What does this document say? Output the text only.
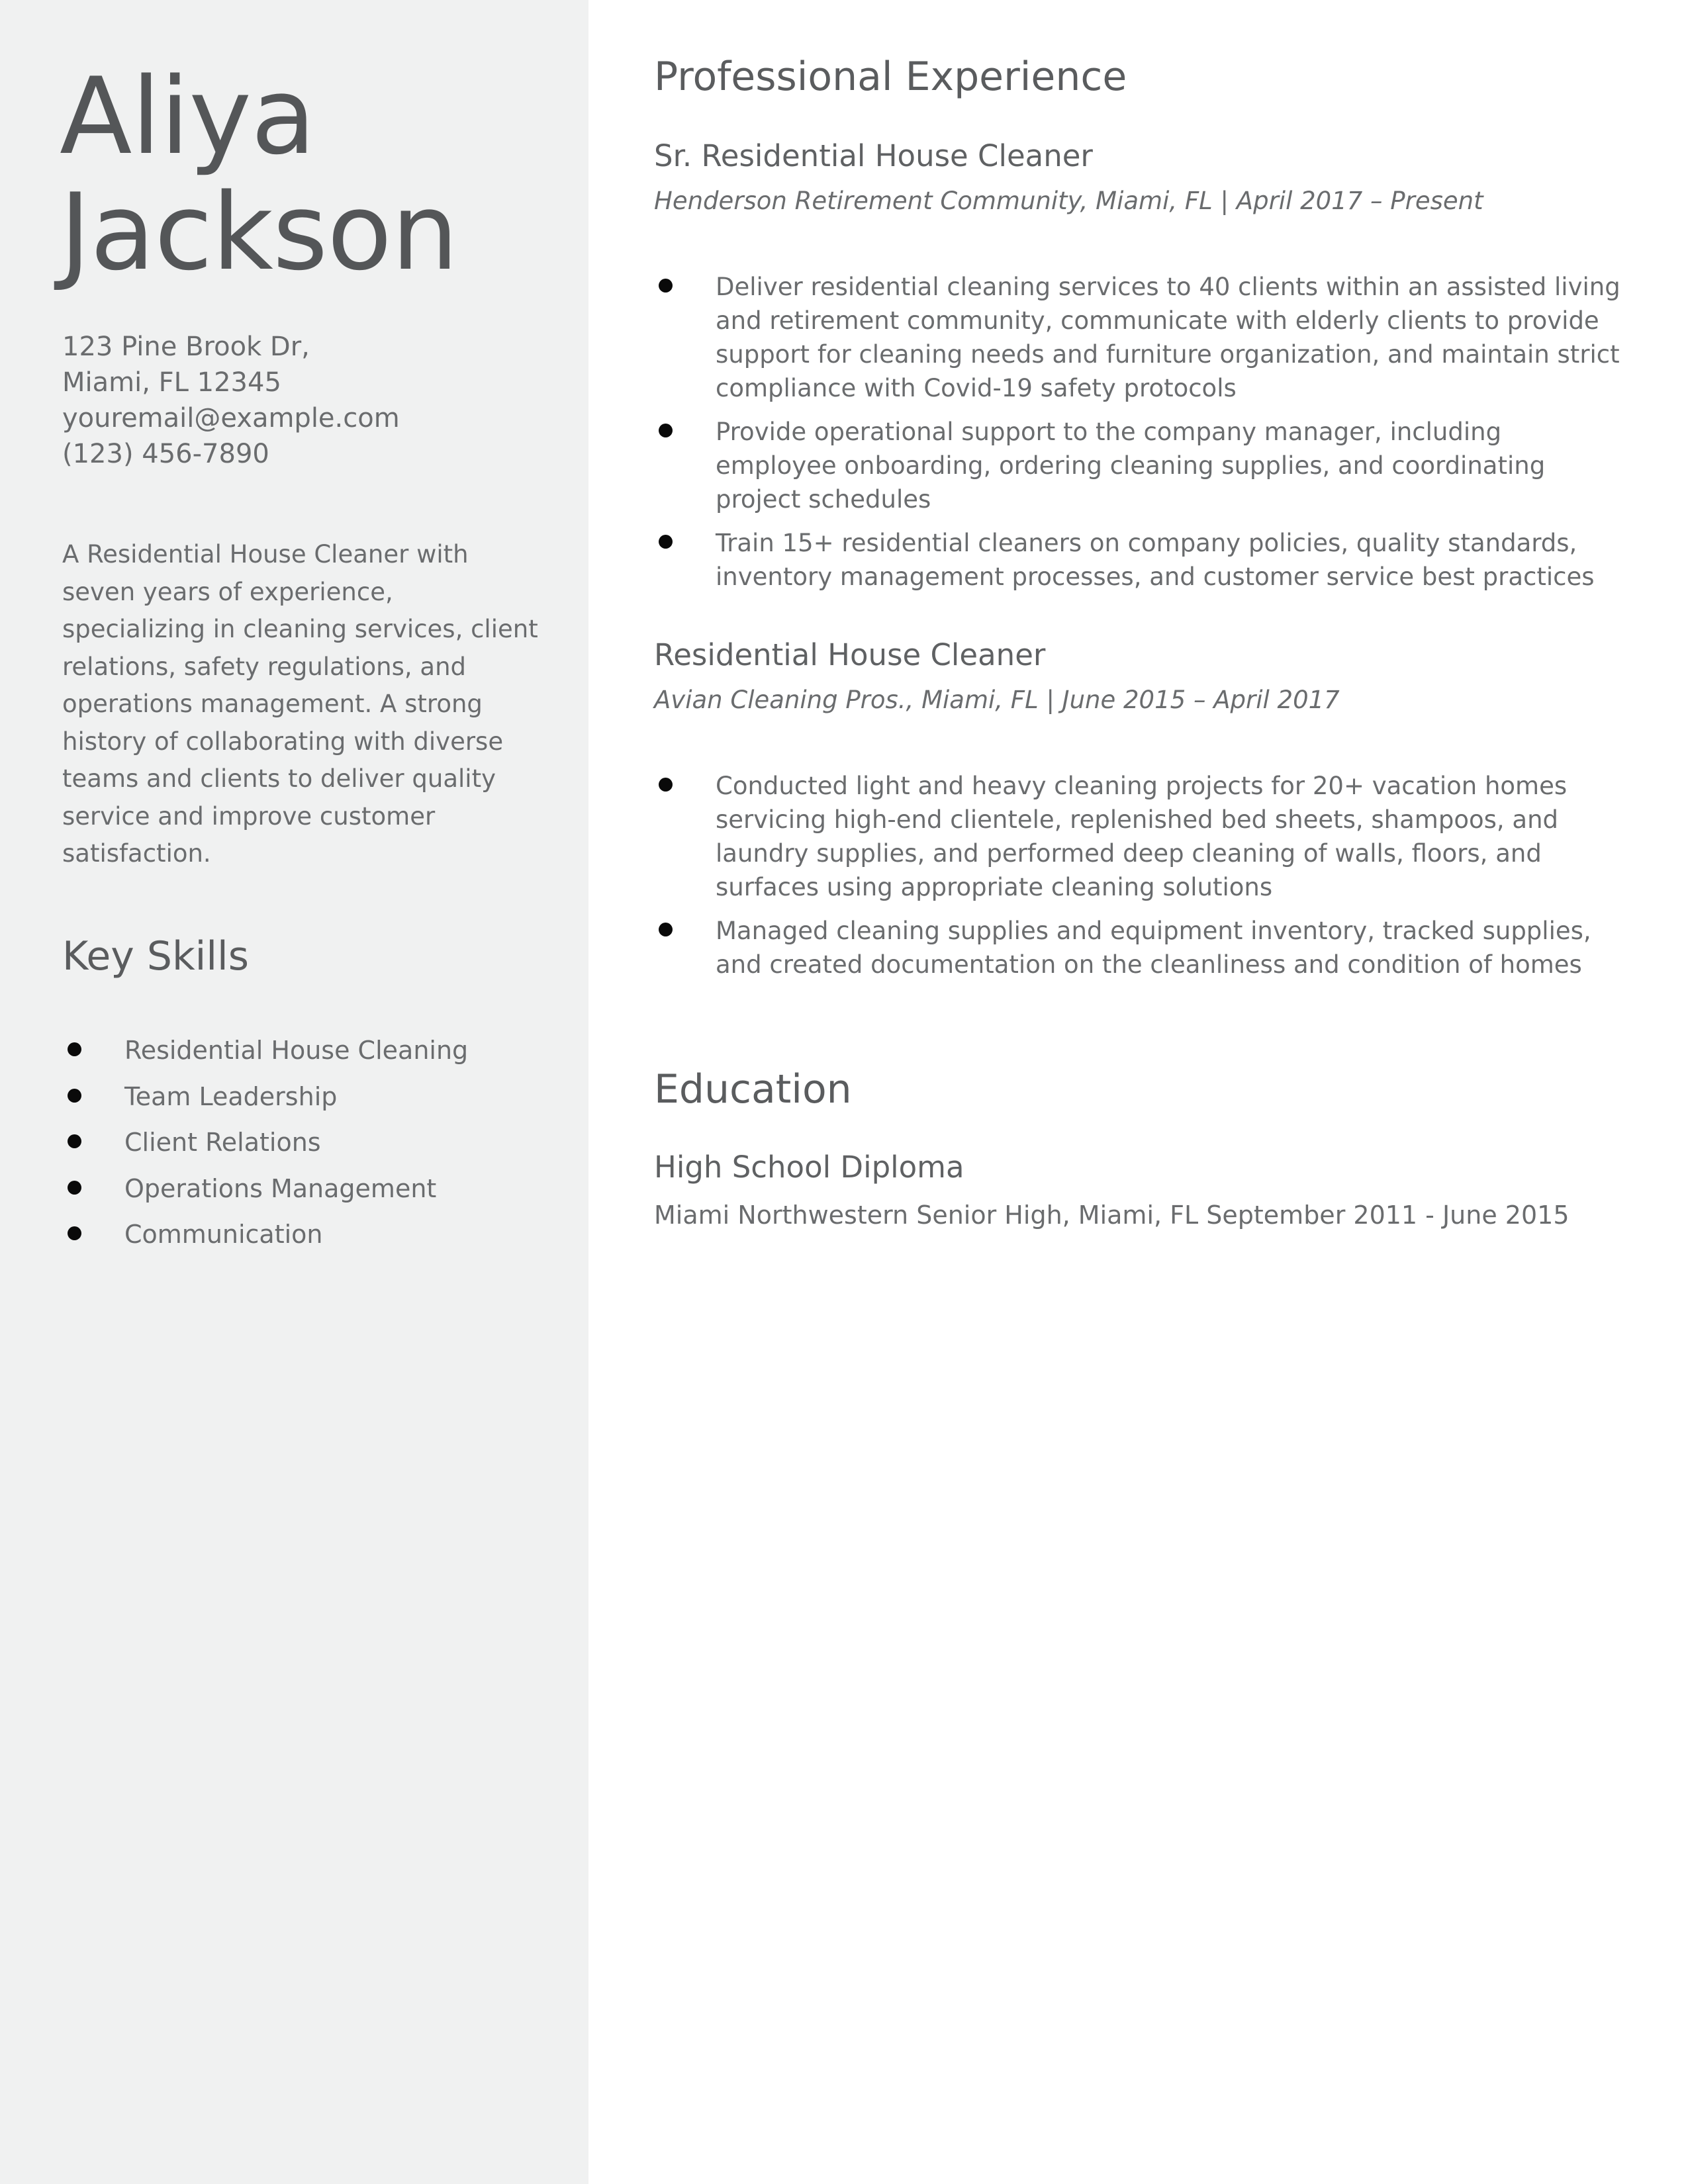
Aliya
Jackson
123 Pine Brook Dr,
Miami, FL 12345
youremail@example.com
(123) 456-7890

A Residential House Cleaner with seven years of experience, specializing in cleaning services, client relations, safety regulations, and operations management. A strong history of collaborating with diverse teams and clients to deliver quality service and improve customer satisfaction.

Key Skills
Residential House Cleaning
Team Leadership
Client Relations
Operations Management
Communication
Professional Experience
Sr. Residential House Cleaner

Henderson Retirement Community, Miami, FL | April 2017 – Present

Deliver residential cleaning services to 40 clients within an assisted living and retirement community, communicate with elderly clients to provide support for cleaning needs and furniture organization, and maintain strict compliance with Covid-19 safety protocols
Provide operational support to the company manager, including employee onboarding, ordering cleaning supplies, and coordinating project schedules
Train 15+ residential cleaners on company policies, quality standards, inventory management processes, and customer service best practices
Residential House Cleaner

Avian Cleaning Pros., Miami, FL | June 2015 – April 2017

Conducted light and heavy cleaning projects for 20+ vacation homes servicing high-end clientele, replenished bed sheets, shampoos, and laundry supplies, and performed deep cleaning of walls, floors, and surfaces using appropriate cleaning solutions
Managed cleaning supplies and equipment inventory, tracked supplies, and created documentation on the cleanliness and condition of homes
Education
High School Diploma

Miami Northwestern Senior High, Miami, FL September 2011 - June 2015
